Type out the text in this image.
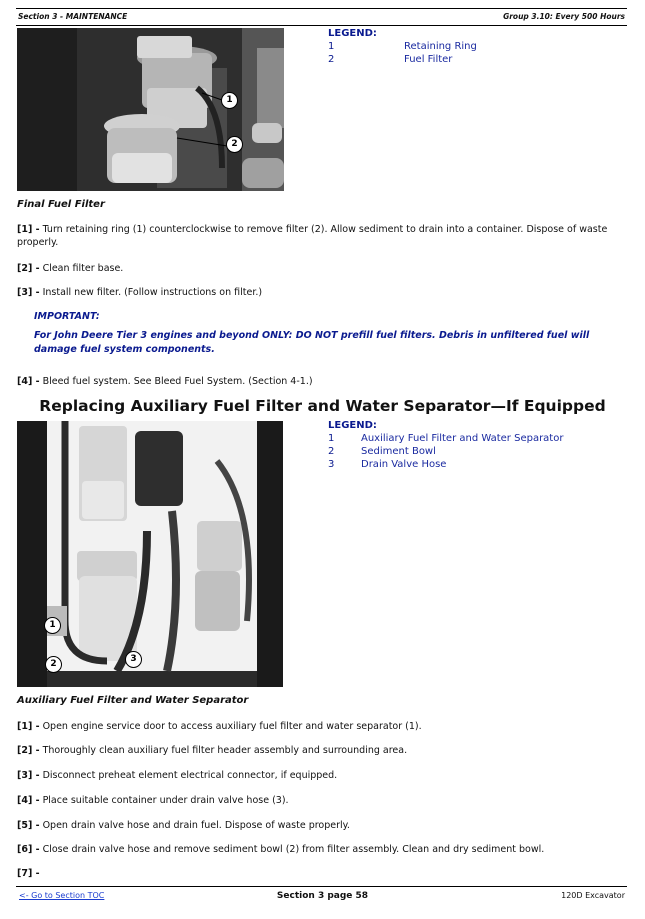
Section 3 - MAINTENANCE	Group 3.10: Every 500 Hours
1
2
LEGEND:
1	Retaining Ring
2	Fuel Filter
Final Fuel Filter
[1] - Turn retaining ring (1) counterclockwise to remove filter (2). Allow sediment to drain into a container. Dispose of waste properly.
[2] - Clean filter base.
[3] - Install new filter. (Follow instructions on filter.)
IMPORTANT:
For John Deere Tier 3 engines and beyond ONLY: DO NOT prefill fuel filters. Debris in unfiltered fuel will damage fuel system components.
[4] - Bleed fuel system. See Bleed Fuel System. (Section 4-1.)
Replacing Auxiliary Fuel Filter and Water Separator—If Equipped
1
2	3
LEGEND:
1	Auxiliary Fuel Filter and Water Separator
2	Sediment Bowl
3	Drain Valve Hose
Auxiliary Fuel Filter and Water Separator
[1] - Open engine service door to access auxiliary fuel filter and water separator (1).
[2] - Thoroughly clean auxiliary fuel filter header assembly and surrounding area.
[3] - Disconnect preheat element electrical connector, if equipped.
[4] - Place suitable container under drain valve hose (3).
[5] - Open drain valve hose and drain fuel. Dispose of waste properly.
[6] - Close drain valve hose and remove sediment bowl (2) from filter assembly. Clean and dry sediment bowl.
[7] -
<- Go to Section TOC	Section 3 page 58	120D Excavator
